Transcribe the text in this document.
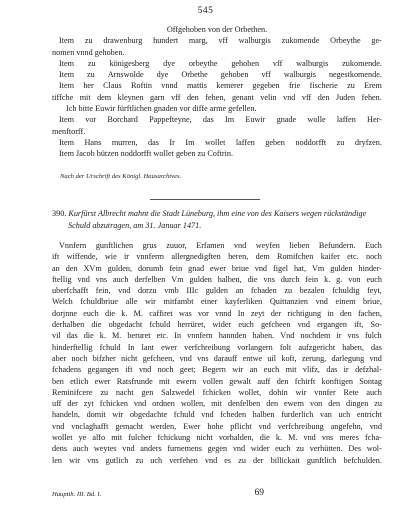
545
Offgehoben von der Orbethen.
Item zu drawenburg hundert marg, vff walburgis zukomende Orbeythe ge-
nomen vnnd gehoben.
Item zu königesberg dye orbeythe gehoben vff walburgis zukomende.
Item zu Arnswolde dye Orbethe gehoben vff walburgis negestkomende.
Item her Claus Roftin vnnd mattis kemerer gegeben frie fischerie zu Erem
tiffche mit dem kleynen garn vff den fehen, genant velin vnd vff den Juden fehen.
Ich bitte Euwir fürftlichen gnaden vor diffe arme gefellen.
Item vor Borchard Pappefteyne, das Im Euwir gnade wolle laffen Her-
menftorff.
Item Hans murren, das Ir Im wollet laffen geben noddorfft zu dryfzen.
Item Jacob bützen noddorfft wollet geben zu Coftrin.
Nach der Urschrift des Königl. Hausarchives.
390. Kurfürst Albrecht mahnt die Stadt Lüneburg, ihm eine von des Kaisers wegen rückständige
Schuld abzutragen, am 31. Januar 1471.
Vnnfern gunftlichen grus zuuor, Erfamen vnd weyfen lieben Befundern. Euch
ift wiffende, wie ir vnnferm allergnedigften heren, dem Romifchen kaifer etc. noch
an den XVm gulden, dorumb fein gnad ewer briue vnd figel hat, Vm gulden hinder-
ftellig vnd vns auch derfelben Vm gulden halben, die vns durch fein k. g. von euch
uberfchafft fein, vnd dorzu vmb IIIc gulden an fchaden zu bezalen fchuldig feyt,
Welch fchuldbriue alle wir mitfambt einer kayferliken Quittanzien vnd einem briue,
dorjnne euch die k. M. caffiret was vor vnnd In zeyt der richtigung in den fachen,
derhalben die obgedacht fchuld herrüret, wider euch gefcheen vnd ergangen ift, So-
vil das die k. M. beruret etc. In vnnfern hannden haben. Vnd nochdem ir vns fulch
hinderftellig fchuld In lant ewer verfchreibung vorlangern folt aufzgericht haben, das
aber noch bifzher nicht gefcheen, vnd vns darauff entwe uil koft, zerung, darlegung vnd
fchadens gegangen ift vnd noch geet; Begern wir an euch mit vlifz, das ir defzhal-
ben etlich ewer Ratsfrunde mit ewern vollen gewalt auff den fchirft konftigen Sontag
Reminifcere zu nacht gen Salzwedel fchicken wollet, dohin wir vnnfer Rete auch
uff der zyt fchicken vnd ordnen wollen, mit denfelben den ewern von den dingen zu
handeln, domit wir obgedachte fchuld vnd fcheden halben furderlich van uch entricht
vnd vnclaghafft gemacht werden, Ewer hohe pflicht vnd verfchreibung angefehn, vnd
wollet ye alfo mit fulcher fchickung nicht vorhalden, die k. M. vnd vns meres fcha-
dens auch weytes vnd anders furnemens gegen vnd wider euch zu verhütten. Des wol-
len wir vns gutlich zu uch verfehen vnd es zu der billickait gunftlich befchulden.
Hauptth. III. Bd. I.	69
